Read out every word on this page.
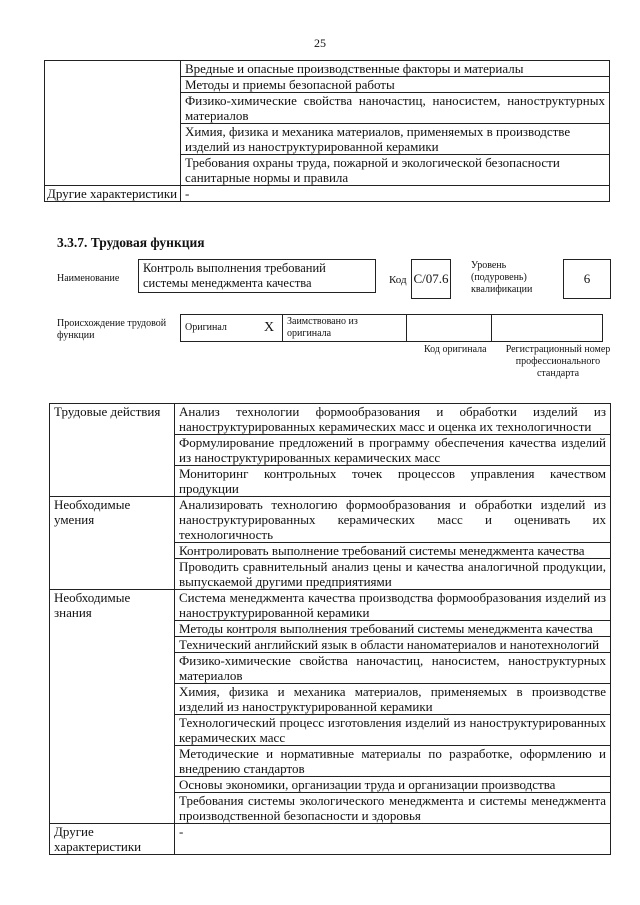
25
	Вредные и опасные производственные факторы и материалы
	Методы и приемы безопасной работы
	Физико-химические свойства наночастиц, наносистем, наноструктурных материалов
	Химия, физика и механика материалов, применяемых в производстве изделий из наноструктурированной керамики
	Требования охраны труда, пожарной и экологической безопасности санитарные нормы и правила
Другие характеристики	-
3.3.7. Трудовая функция
Наименование
Контроль выполнения требований системы менеджмента качества	Код С/07.6
Уровень (подуровень) квалификации
6
Происхождение трудовой функции
Оригинал	X	Заимствовано из оригинала		
Код оригинала Регистрационный номер профессионального стандарта
Трудовые действия	Анализ технологии формообразования и обработки изделий из наноструктурированных керамических масс и оценка их технологичности
	Формулирование предложений в программу обеспечения качества изделий из наноструктурированных керамических масс
	Мониторинг контрольных точек процессов управления качеством продукции
Необходимые умения	Анализировать технологию формообразования и обработки изделий из наноструктурированных керамических масс и оценивать их технологичность
	Контролировать выполнение требований системы менеджмента качества
	Проводить сравнительный анализ цены и качества аналогичной продукции, выпускаемой другими предприятиями
Необходимые знания	Система менеджмента качества производства формообразования изделий из наноструктурированной керамики
	Методы контроля выполнения требований системы менеджмента качества
	Технический английский язык в области наноматериалов и нанотехнологий
	Физико-химические свойства наночастиц, наносистем, наноструктурных материалов
	Химия, физика и механика материалов, применяемых в производстве изделий из наноструктурированной керамики
	Технологический процесс изготовления изделий из наноструктурированных керамических масс
	Методические и нормативные материалы по разработке, оформлению и внедрению стандартов
	Основы экономики, организации труда и организации производства
	Требования системы экологического менеджмента и системы менеджмента производственной безопасности и здоровья
Другие характеристики	-
